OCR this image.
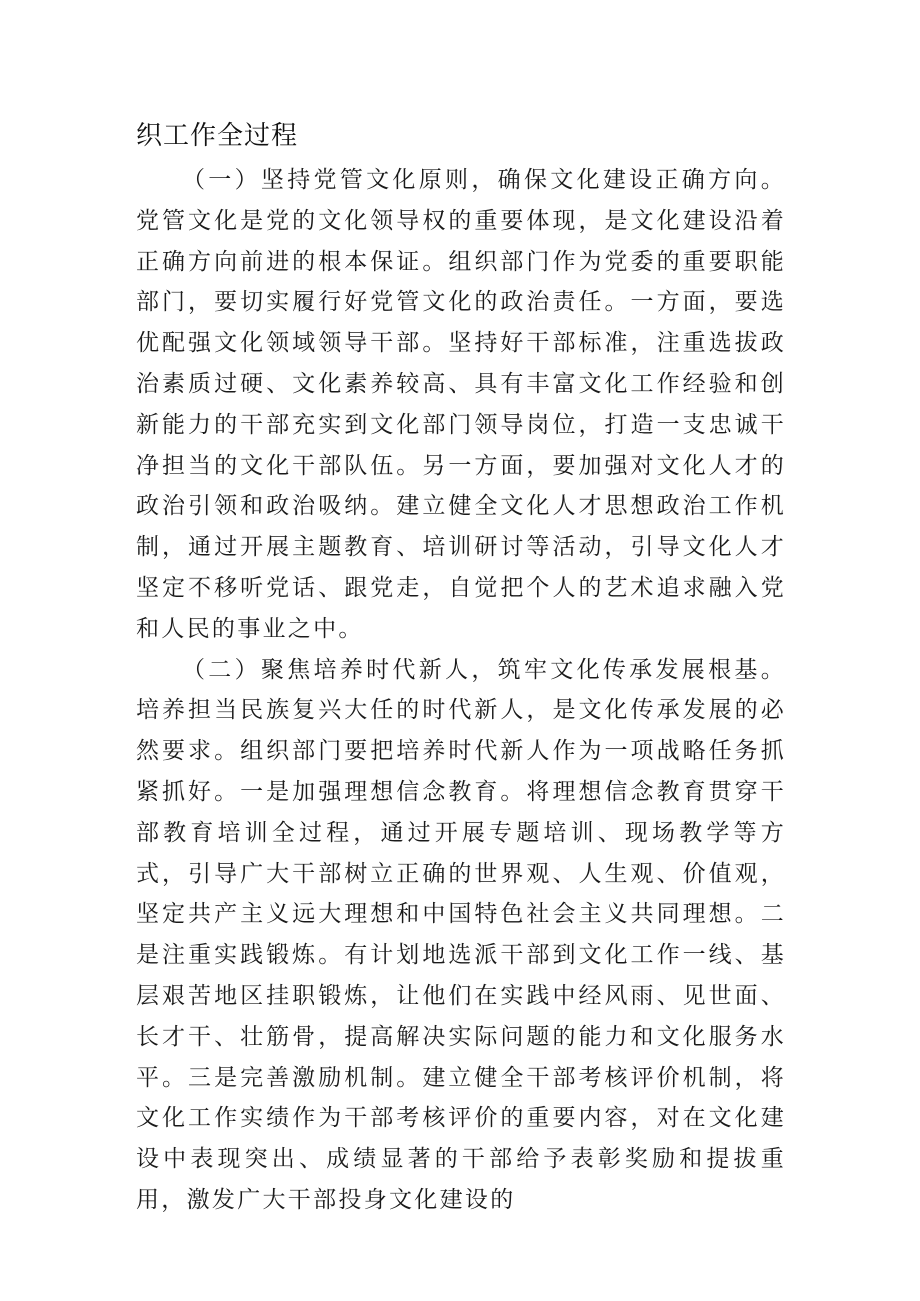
织工作全过程

（一）坚持党管文化原则，确保文化建设正确方向。党管文化是党的文化领导权的重要体现，是文化建设沿着正确方向前进的根本保证。组织部门作为党委的重要职能部门，要切实履行好党管文化的政治责任。一方面，要选优配强文化领域领导干部。坚持好干部标准，注重选拔政治素质过硬、文化素养较高、具有丰富文化工作经验和创新能力的干部充实到文化部门领导岗位，打造一支忠诚干净担当的文化干部队伍。另一方面，要加强对文化人才的政治引领和政治吸纳。建立健全文化人才思想政治工作机制，通过开展主题教育、培训研讨等活动，引导文化人才坚定不移听党话、跟党走，自觉把个人的艺术追求融入党和人民的事业之中。

（二）聚焦培养时代新人，筑牢文化传承发展根基。培养担当民族复兴大任的时代新人，是文化传承发展的必然要求。组织部门要把培养时代新人作为一项战略任务抓紧抓好。一是加强理想信念教育。将理想信念教育贯穿干部教育培训全过程，通过开展专题培训、现场教学等方式，引导广大干部树立正确的世界观、人生观、价值观，坚定共产主义远大理想和中国特色社会主义共同理想。二是注重实践锻炼。有计划地选派干部到文化工作一线、基层艰苦地区挂职锻炼，让他们在实践中经风雨、见世面、长才干、壮筋骨，提高解决实际问题的能力和文化服务水平。三是完善激励机制。建立健全干部考核评价机制，将文化工作实绩作为干部考核评价的重要内容，对在文化建设中表现突出、成绩显著的干部给予表彰奖励和提拔重用，激发广大干部投身文化建设的
